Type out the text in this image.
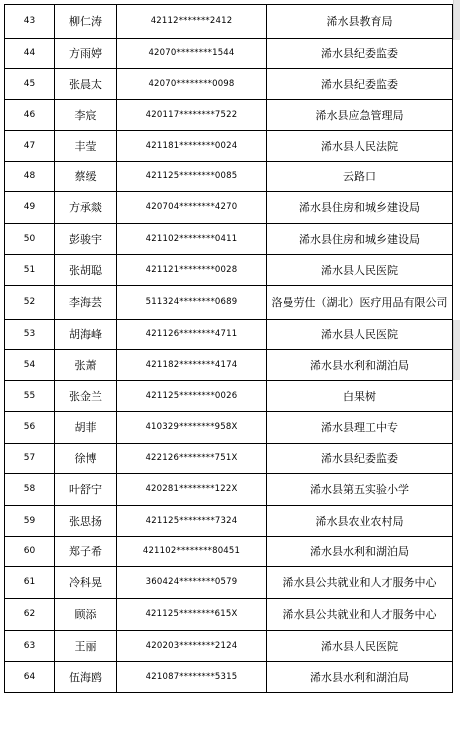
43	柳仁涛	42112*******2412	浠水县教育局
44	方雨婷	42070********1544	浠水县纪委监委
45	张晨太	42070********0098	浠水县纪委监委
46	李宸	420117********7522	浠水县应急管理局
47	丰莹	421181********0024	浠水县人民法院
48	蔡缓	421125********0085	云路口
49	方承燚	420704********4270	浠水县住房和城乡建设局
50	彭骏宇	421102********0411	浠水县住房和城乡建设局
51	张胡聪	421121********0028	浠水县人民医院
52	李海芸	511324********0689	洛曼劳仕（湖北）医疗用品有限公司
53	胡海峰	421126********4711	浠水县人民医院
54	张萧	421182********4174	浠水县水利和湖泊局
55	张金兰	421125********0026	白果树
56	胡菲	410329********958X	浠水县理工中专
57	徐博	422126********751X	浠水县纪委监委
58	叶舒宁	420281********122X	浠水县第五实验小学
59	张思扬	421125********7324	浠水县农业农村局
60	郑子希	421102********80451	浠水县水利和湖泊局
61	冷科晃	360424********0579	浠水县公共就业和人才服务中心
62	顾添	421125********615X	浠水县公共就业和人才服务中心
63	王丽	420203********2124	浠水县人民医院
64	伍海鸥	421087********5315	浠水县水利和湖泊局
